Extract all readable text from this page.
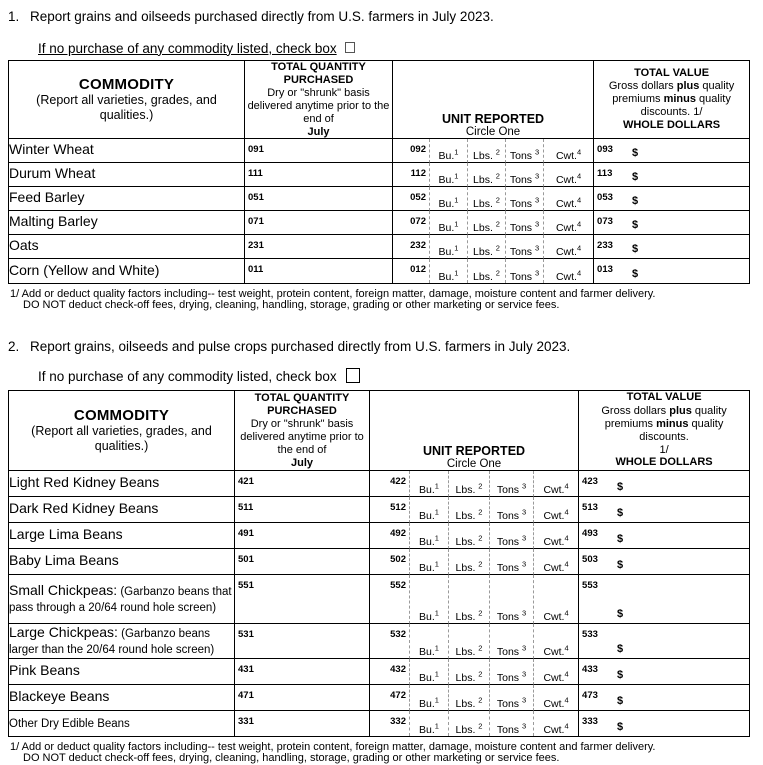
1. Report grains and oilseeds purchased directly from U.S. farmers in July 2023.
If no purchase of any commodity listed, check box
COMMODITY
(Report all varieties, grades, and qualities.)

TOTAL QUANTITY PURCHASED
Dry or "shrunk" basis delivered anytime prior to the end of
July

UNIT REPORTED
Circle One

TOTAL VALUE
Gross dollars plus quality premiums minus quality discounts. 1/
WHOLE DOLLARS

Winter Wheat	091	092	Bu.$^1$	Lbs. $^2$	Tons $^3$	Cwt.$^4$	093 $

Durum Wheat	111	112	Bu.$^1$	Lbs. $^2$	Tons $^3$	Cwt.$^4$	113 $

Feed Barley	051	052	Bu.$^1$	Lbs. $^2$	Tons $^3$	Cwt.$^4$	053 $

Malting Barley	071	072	Bu.$^1$	Lbs. $^2$	Tons $^3$	Cwt.$^4$	073 $

Oats	231	232	Bu.$^1$	Lbs. $^2$	Tons $^3$	Cwt.$^4$	233 $

Corn (Yellow and White)	011	012	Bu.$^1$	Lbs. $^2$	Tons $^3$	Cwt.$^4$	013 $
1/ Add or deduct quality factors including-- test weight, protein content, foreign matter, damage, moisture content and farmer delivery.
DO NOT deduct check-off fees, drying, cleaning, handling, storage, grading or other marketing or service fees.
2. Report grains, oilseeds and pulse crops purchased directly from U.S. farmers in July 2023.
If no purchase of any commodity listed, check box
COMMODITY
(Report all varieties, grades, and qualities.)

TOTAL QUANTITY PURCHASED
Dry or "shrunk" basis delivered anytime prior to the end of
July

UNIT REPORTED
Circle One

TOTAL VALUE
Gross dollars plus quality premiums minus quality discounts.
1/
WHOLE DOLLARS

Light Red Kidney Beans	421	422	Bu.$^1$	Lbs. $^2$	Tons $^3$	Cwt.$^4$	423 $

Dark Red Kidney Beans	511	512	Bu.$^1$	Lbs. $^2$	Tons $^3$	Cwt.$^4$	513 $

Large Lima Beans	491	492	Bu.$^1$	Lbs. $^2$	Tons $^3$	Cwt.$^4$	493 $

Baby Lima Beans	501	502	Bu.$^1$	Lbs. $^2$	Tons $^3$	Cwt.$^4$	503 $

Small Chickpeas: (Garbanzo beans that pass through a 20/64 round hole screen)	551	552	Bu.$^1$	Lbs. $^2$	Tons $^3$	Cwt.$^4$	553
$

Large Chickpeas: (Garbanzo beans larger than the 20/64 round hole screen)	531	532	Bu.$^1$	Lbs. $^2$	Tons $^3$	Cwt.$^4$	533
$

Pink Beans	431	432	Bu.$^1$	Lbs. $^2$	Tons $^3$	Cwt.$^4$	433 $

Blackeye Beans	471	472	Bu.$^1$	Lbs. $^2$	Tons $^3$	Cwt.$^4$	473 $

Other Dry Edible Beans	331	332	Bu.$^1$	Lbs. $^2$	Tons $^3$	Cwt.$^4$	333 $
1/ Add or deduct quality factors including-- test weight, protein content, foreign matter, damage, moisture content and farmer delivery.
DO NOT deduct check-off fees, drying, cleaning, handling, storage, grading or other marketing or service fees.
